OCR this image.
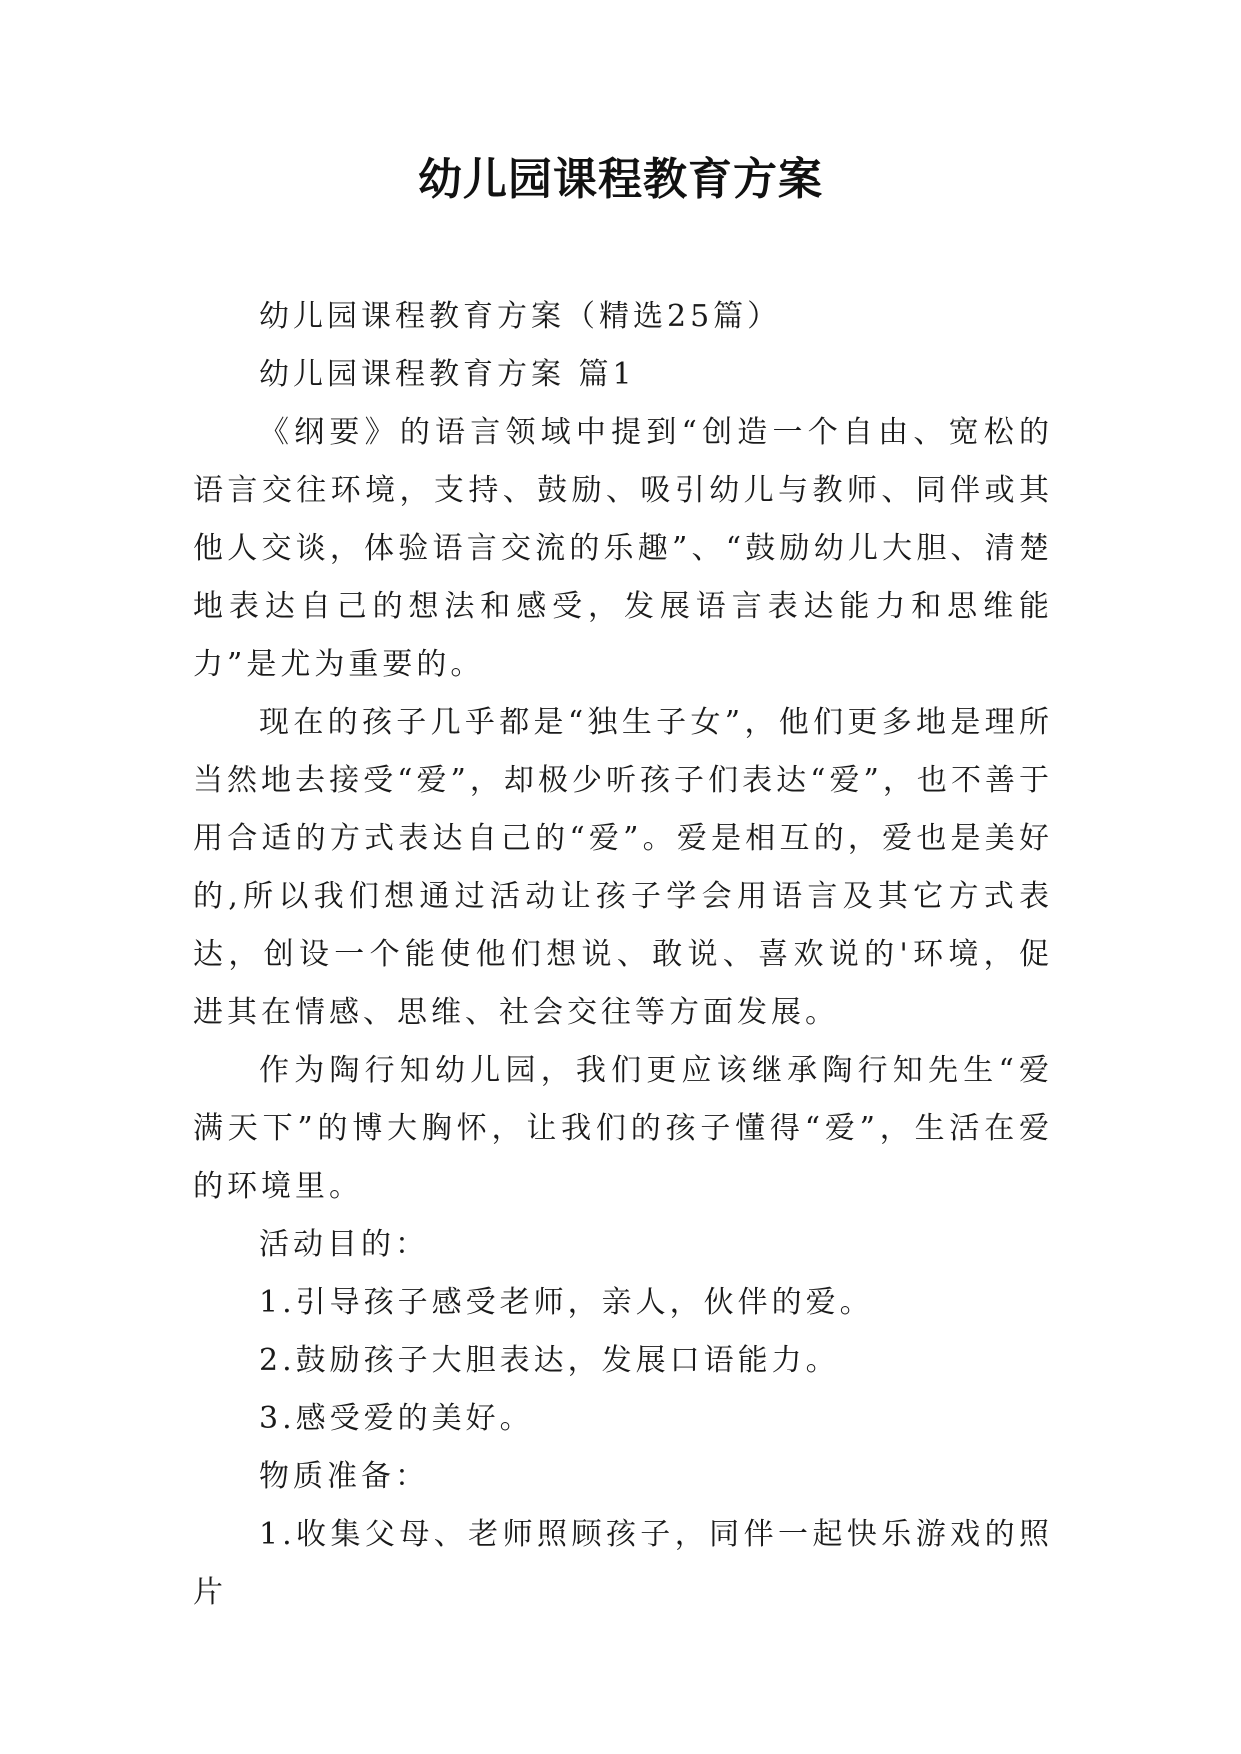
幼儿园课程教育方案

幼儿园课程教育方案（精选25篇）

幼儿园课程教育方案 篇1

《纲要》的语言领域中提到“创造一个自由、宽松的语言交往环境，支持、鼓励、吸引幼儿与教师、同伴或其他人交谈，体验语言交流的乐趣”、“鼓励幼儿大胆、清楚地表达自己的想法和感受，发展语言表达能力和思维能力”是尤为重要的。

现在的孩子几乎都是“独生子女”，他们更多地是理所当然地去接受“爱”，却极少听孩子们表达“爱”，也不善于用合适的方式表达自己的“爱”。爱是相互的，爱也是美好的,所以我们想通过活动让孩子学会用语言及其它方式表达，创设一个能使他们想说、敢说、喜欢说的'环境，促进其在情感、思维、社会交往等方面发展。

作为陶行知幼儿园，我们更应该继承陶行知先生“爱满天下”的博大胸怀，让我们的孩子懂得“爱”，生活在爱的环境里。

活动目的：

1.引导孩子感受老师，亲人，伙伴的爱。

2.鼓励孩子大胆表达，发展口语能力。

3.感受爱的美好。

物质准备：

1.收集父母、老师照顾孩子，同伴一起快乐游戏的照片
